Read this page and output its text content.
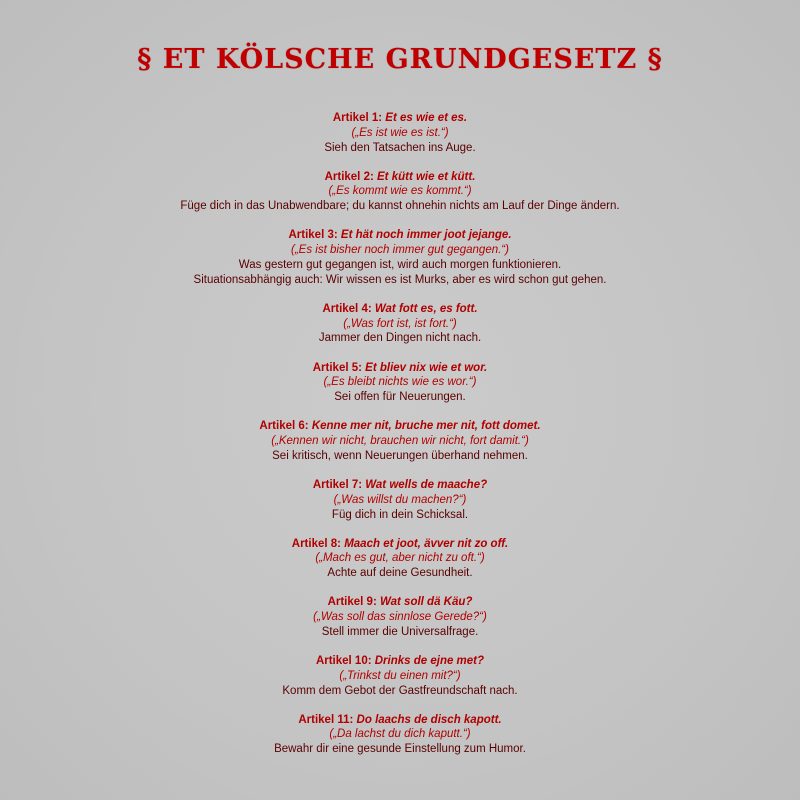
§ ET KÖLSCHE GRUNDGESETZ §
Artikel 1: Et es wie et es.
(„Es ist wie es ist.“)
Sieh den Tatsachen ins Auge.
Artikel 2: Et kütt wie et kütt.
(„Es kommt wie es kommt.“)
Füge dich in das Unabwendbare; du kannst ohnehin nichts am Lauf der Dinge ändern.
Artikel 3: Et hät noch immer joot jejange.
(„Es ist bisher noch immer gut gegangen.“)
Was gestern gut gegangen ist, wird auch morgen funktionieren.
Situationsabhängig auch: Wir wissen es ist Murks, aber es wird schon gut gehen.
Artikel 4: Wat fott es, es fott.
(„Was fort ist, ist fort.“)
Jammer den Dingen nicht nach.
Artikel 5: Et bliev nix wie et wor.
(„Es bleibt nichts wie es wor.“)
Sei offen für Neuerungen.
Artikel 6: Kenne mer nit, bruche mer nit, fott domet.
(„Kennen wir nicht, brauchen wir nicht, fort damit.“)
Sei kritisch, wenn Neuerungen überhand nehmen.
Artikel 7: Wat wells de maache?
(„Was willst du machen?“)
Füg dich in dein Schicksal.
Artikel 8: Maach et joot, ävver nit zo off.
(„Mach es gut, aber nicht zu oft.“)
Achte auf deine Gesundheit.
Artikel 9: Wat soll dä Käu?
(„Was soll das sinnlose Gerede?“)
Stell immer die Universalfrage.
Artikel 10: Drinks de ejne met?
(„Trinkst du einen mit?“)
Komm dem Gebot der Gastfreundschaft nach.
Artikel 11: Do laachs de disch kapott.
(„Da lachst du dich kaputt.“)
Bewahr dir eine gesunde Einstellung zum Humor.
